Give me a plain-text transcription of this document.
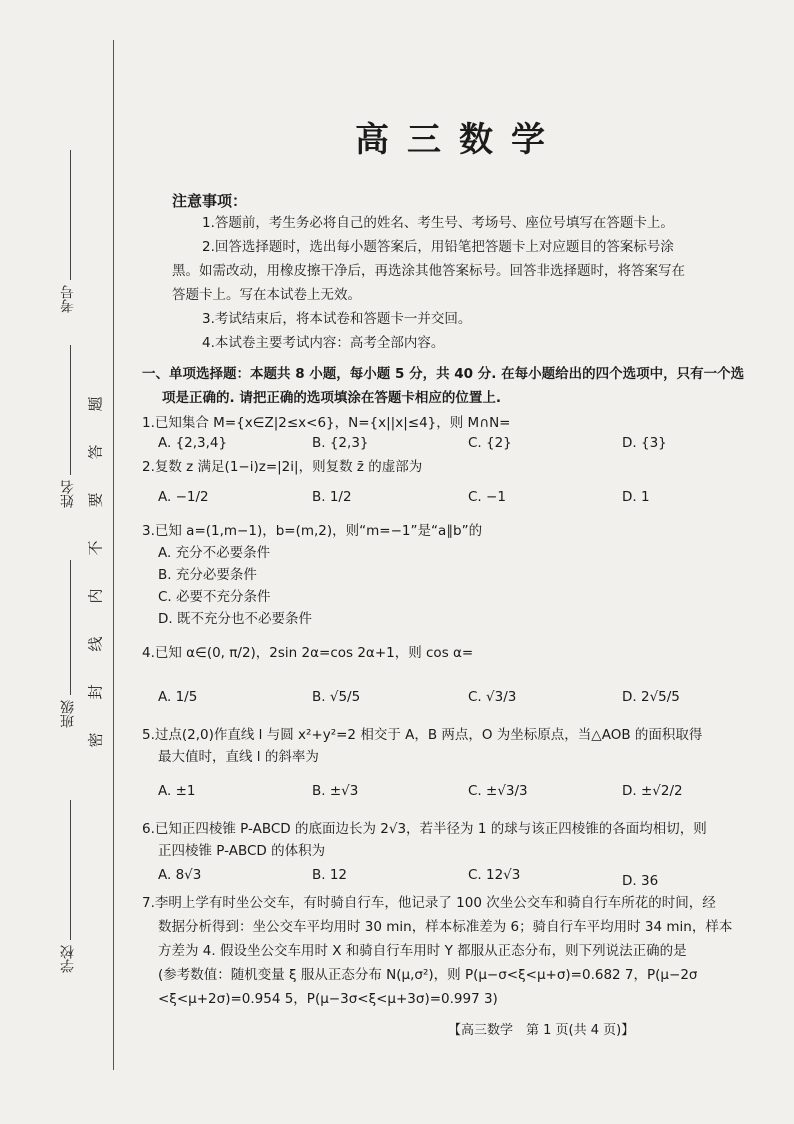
考号
姓名
班级
学校
题
答
要
不
内
线
封
密
高三数学
注意事项：
1.答题前，考生务必将自己的姓名、考生号、考场号、座位号填写在答题卡上。
2.回答选择题时，选出每小题答案后，用铅笔把答题卡上对应题目的答案标号涂
黑。如需改动，用橡皮擦干净后，再选涂其他答案标号。回答非选择题时，将答案写在
答题卡上。写在本试卷上无效。
3.考试结束后，将本试卷和答题卡一并交回。
4.本试卷主要考试内容：高考全部内容。
一、单项选择题：本题共 8 小题，每小题 5 分，共 40 分. 在每小题给出的四个选项中，只有一个选
项是正确的. 请把正确的选项填涂在答题卡相应的位置上.
1.已知集合 M={x∈Z|2≤x<6}，N={x||x|≤4}，则 M∩N=
A. {2,3,4}	B. {2,3}	C. {2}	D. {3}
2.复数 z 满足(1−i)z=|2i|，则复数 z̄ 的虚部为
A. −1/2	B. 1/2	C. −1	D. 1
3.已知 a=(1,m−1)，b=(m,2)，则“m=−1”是“a∥b”的
A. 充分不必要条件
B. 充分必要条件
C. 必要不充分条件
D. 既不充分也不必要条件
4.已知 α∈(0, π/2)，2sin 2α=cos 2α+1，则 cos α=
A. 1/5	B. √5/5	C. √3/3	D. 2√5/5
5.过点(2,0)作直线 l 与圆 x²+y²=2 相交于 A，B 两点，O 为坐标原点，当△AOB 的面积取得
最大值时，直线 l 的斜率为
A. ±1	B. ±√3	C. ±√3/3	D. ±√2/2
6.已知正四棱锥 P-ABCD 的底面边长为 2√3，若半径为 1 的球与该正四棱锥的各面均相切，则
正四棱锥 P-ABCD 的体积为
A. 8√3	B. 12	C. 12√3	D. 36
7.李明上学有时坐公交车，有时骑自行车，他记录了 100 次坐公交车和骑自行车所花的时间，经
数据分析得到：坐公交车平均用时 30 min，样本标准差为 6；骑自行车平均用时 34 min，样本
方差为 4. 假设坐公交车用时 X 和骑自行车用时 Y 都服从正态分布，则下列说法正确的是
(参考数值：随机变量 ξ 服从正态分布 N(μ,σ²)，则 P(μ−σ<ξ<μ+σ)=0.682 7，P(μ−2σ
<ξ<μ+2σ)=0.954 5，P(μ−3σ<ξ<μ+3σ)=0.997 3)
【高三数学　第 1 页(共 4 页)】
